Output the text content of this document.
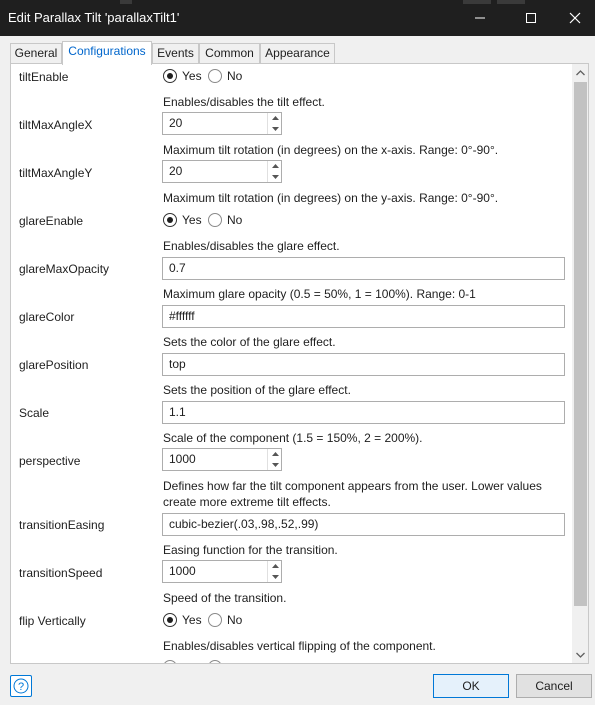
Edit Parallax Tilt 'parallaxTilt1'
General Configurations Events Common Appearance
tiltEnable	Yes No
Enables/disables the tilt effect.
tiltMaxAngleX	20
Maximum tilt rotation (in degrees) on the x-axis. Range: 0°-90°.
tiltMaxAngleY	20
Maximum tilt rotation (in degrees) on the y-axis. Range: 0°-90°.
glareEnable	Yes No
Enables/disables the glare effect.
glareMaxOpacity	0.7
Maximum glare opacity (0.5 = 50%, 1 = 100%). Range: 0-1
glareColor	#ffffff
Sets the color of the glare effect.
glarePosition	top
Sets the position of the glare effect.
Scale	1.1
Scale of the component (1.5 = 150%, 2 = 200%).
perspective	1000
Defines how far the tilt component appears from the user. Lower values create more extreme tilt effects.
transitionEasing	cubic-bezier(.03,.98,.52,.99)
Easing function for the transition.
transitionSpeed	1000
Speed of the transition.
flip Vertically	Yes No
Enables/disables vertical flipping of the component.
?	OK	Cancel
